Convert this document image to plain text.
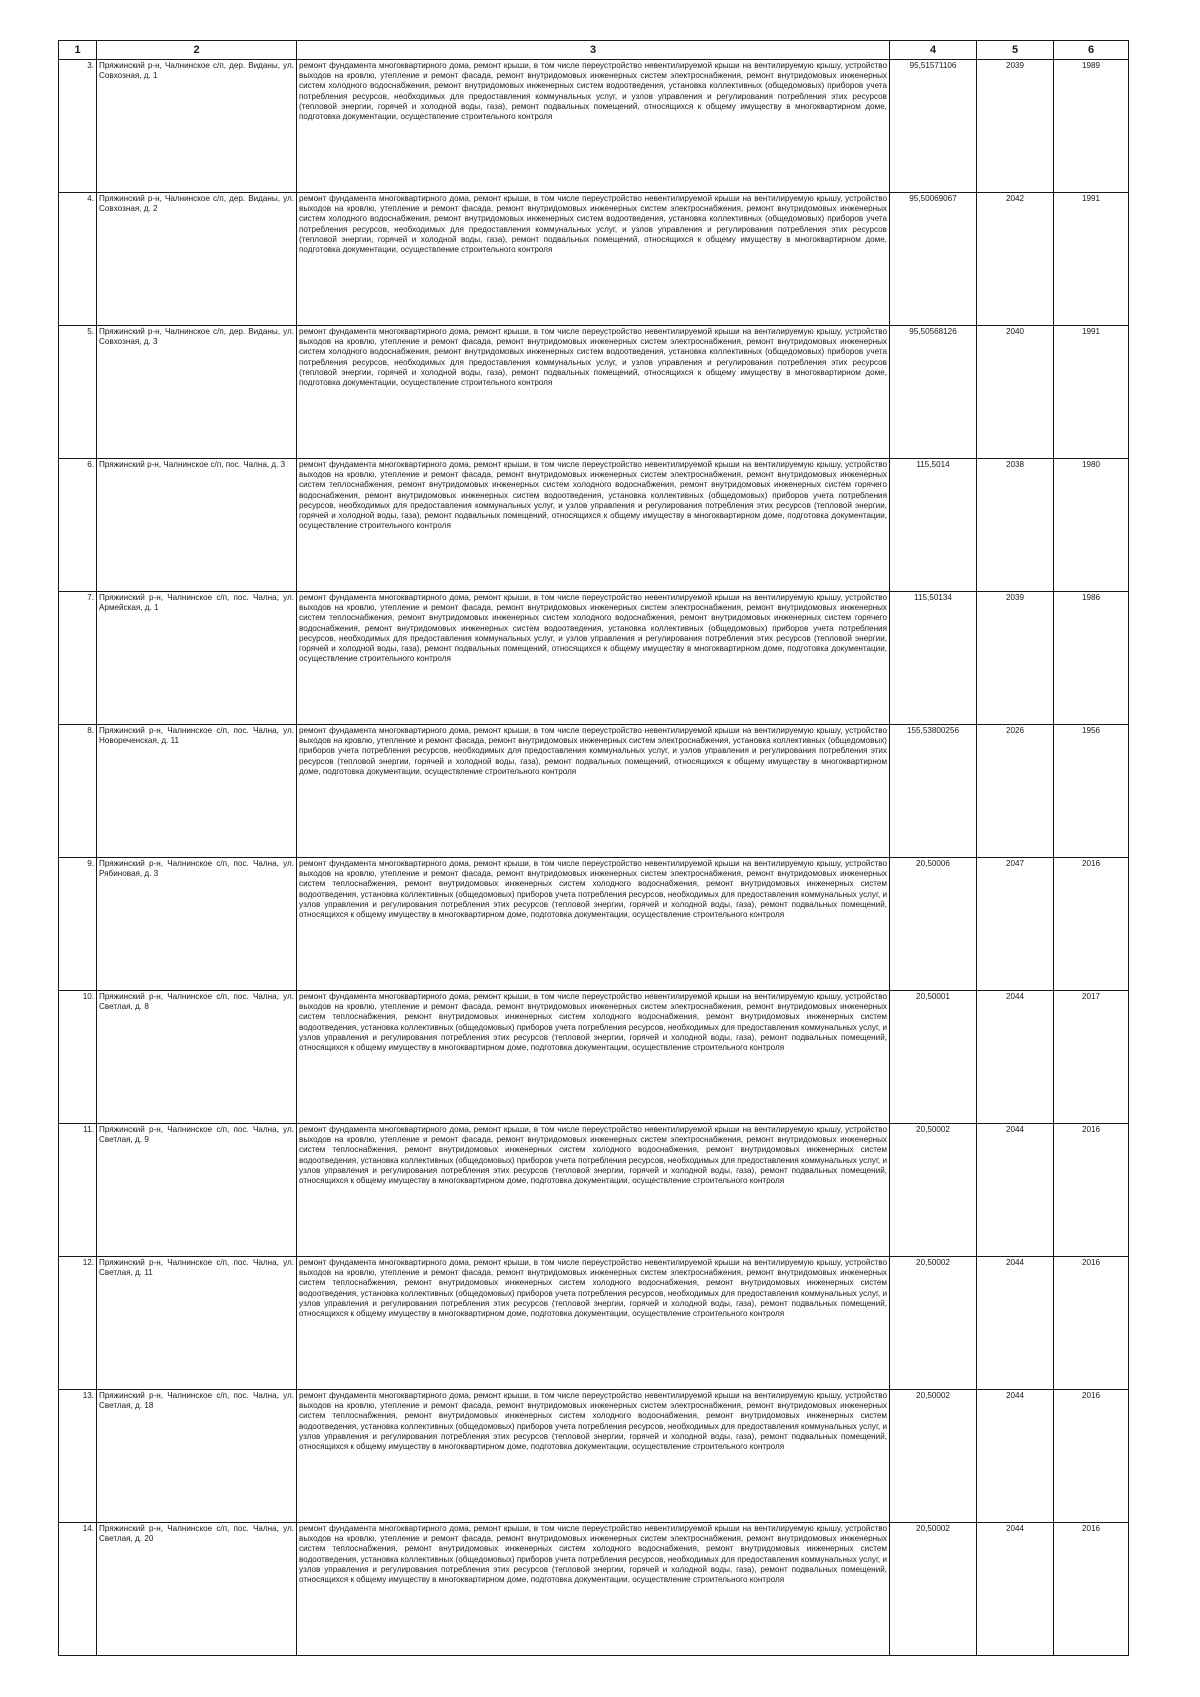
1	2	3	4	5	6
3.	Пряжинский р-н, Чалнинское с/п, дер. Виданы, ул. Совхозная, д. 1	ремонт фундамента многоквартирного дома, ремонт крыши, в том числе переустройство невентилируемой крыши на вентилируемую крышу, устройство выходов на кровлю, утепление и ремонт фасада, ремонт внутридомовых инженерных систем электроснабжения, ремонт внутридомовых инженерных систем холодного водоснабжения, ремонт внутридомовых инженерных систем водоотведения, установка коллективных (общедомовых) приборов учета потребления ресурсов, необходимых для предоставления коммунальных услуг, и узлов управления и регулирования потребления этих ресурсов (тепловой энергии, горячей и холодной воды, газа), ремонт подвальных помещений, относящихся к общему имуществу в многоквартирном доме, подготовка документации, осуществление строительного контроля	95,51571106	2039	1989
4.	Пряжинский р-н, Чалнинское с/п, дер. Виданы, ул. Совхозная, д. 2	ремонт фундамента многоквартирного дома, ремонт крыши, в том числе переустройство невентилируемой крыши на вентилируемую крышу, устройство выходов на кровлю, утепление и ремонт фасада, ремонт внутридомовых инженерных систем электроснабжения, ремонт внутридомовых инженерных систем холодного водоснабжения, ремонт внутридомовых инженерных систем водоотведения, установка коллективных (общедомовых) приборов учета потребления ресурсов, необходимых для предоставления коммунальных услуг, и узлов управления и регулирования потребления этих ресурсов (тепловой энергии, горячей и холодной воды, газа), ремонт подвальных помещений, относящихся к общему имуществу в многоквартирном доме, подготовка документации, осуществление строительного контроля	95,50069067	2042	1991
5.	Пряжинский р-н, Чалнинское с/п, дер. Виданы, ул. Совхозная, д. 3	ремонт фундамента многоквартирного дома, ремонт крыши, в том числе переустройство невентилируемой крыши на вентилируемую крышу, устройство выходов на кровлю, утепление и ремонт фасада, ремонт внутридомовых инженерных систем электроснабжения, ремонт внутридомовых инженерных систем холодного водоснабжения, ремонт внутридомовых инженерных систем водоотведения, установка коллективных (общедомовых) приборов учета потребления ресурсов, необходимых для предоставления коммунальных услуг, и узлов управления и регулирования потребления этих ресурсов (тепловой энергии, горячей и холодной воды, газа), ремонт подвальных помещений, относящихся к общему имуществу в многоквартирном доме, подготовка документации, осуществление строительного контроля	95,50568126	2040	1991
6.	Пряжинский р-н, Чалнинское с/п, пос. Чална, д. 3	ремонт фундамента многоквартирного дома, ремонт крыши, в том числе переустройство невентилируемой крыши на вентилируемую крышу, устройство выходов на кровлю, утепление и ремонт фасада, ремонт внутридомовых инженерных систем электроснабжения, ремонт внутридомовых инженерных систем теплоснабжения, ремонт внутридомовых инженерных систем холодного водоснабжения, ремонт внутридомовых инженерных систем горячего водоснабжения, ремонт внутридомовых инженерных систем водоотведения, установка коллективных (общедомовых) приборов учета потребления ресурсов, необходимых для предоставления коммунальных услуг, и узлов управления и регулирования потребления этих ресурсов (тепловой энергии, горячей и холодной воды, газа), ремонт подвальных помещений, относящихся к общему имуществу в многоквартирном доме, подготовка документации, осуществление строительного контроля	115,5014	2038	1980
7.	Пряжинский р-н, Чалнинское с/п, пос. Чална, ул. Армейская, д. 1	ремонт фундамента многоквартирного дома, ремонт крыши, в том числе переустройство невентилируемой крыши на вентилируемую крышу, устройство выходов на кровлю, утепление и ремонт фасада, ремонт внутридомовых инженерных систем электроснабжения, ремонт внутридомовых инженерных систем теплоснабжения, ремонт внутридомовых инженерных систем холодного водоснабжения, ремонт внутридомовых инженерных систем горячего водоснабжения, ремонт внутридомовых инженерных систем водоотведения, установка коллективных (общедомовых) приборов учета потребления ресурсов, необходимых для предоставления коммунальных услуг, и узлов управления и регулирования потребления этих ресурсов (тепловой энергии, горячей и холодной воды, газа), ремонт подвальных помещений, относящихся к общему имуществу в многоквартирном доме, подготовка документации, осуществление строительного контроля	115,50134	2039	1986
8.	Пряжинский р-н, Чалнинское с/п, пос. Чална, ул. Новореченская, д. 11	ремонт фундамента многоквартирного дома, ремонт крыши, в том числе переустройство невентилируемой крыши на вентилируемую крышу, устройство выходов на кровлю, утепление и ремонт фасада, ремонт внутридомовых инженерных систем электроснабжения, установка коллективных (общедомовых) приборов учета потребления ресурсов, необходимых для предоставления коммунальных услуг, и узлов управления и регулирования потребления этих ресурсов (тепловой энергии, горячей и холодной воды, газа), ремонт подвальных помещений, относящихся к общему имуществу в многоквартирном доме, подготовка документации, осуществление строительного контроля	155,53800256	2026	1956
9.	Пряжинский р-н, Чалнинское с/п, пос. Чална, ул. Рябиновая, д. 3	ремонт фундамента многоквартирного дома, ремонт крыши, в том числе переустройство невентилируемой крыши на вентилируемую крышу, устройство выходов на кровлю, утепление и ремонт фасада, ремонт внутридомовых инженерных систем электроснабжения, ремонт внутридомовых инженерных систем теплоснабжения, ремонт внутридомовых инженерных систем холодного водоснабжения, ремонт внутридомовых инженерных систем водоотведения, установка коллективных (общедомовых) приборов учета потребления ресурсов, необходимых для предоставления коммунальных услуг, и узлов управления и регулирования потребления этих ресурсов (тепловой энергии, горячей и холодной воды, газа), ремонт подвальных помещений, относящихся к общему имуществу в многоквартирном доме, подготовка документации, осуществление строительного контроля	20,50006	2047	2016
10.	Пряжинский р-н, Чалнинское с/п, пос. Чална, ул. Светлая, д. 8	ремонт фундамента многоквартирного дома, ремонт крыши, в том числе переустройство невентилируемой крыши на вентилируемую крышу, устройство выходов на кровлю, утепление и ремонт фасада, ремонт внутридомовых инженерных систем электроснабжения, ремонт внутридомовых инженерных систем теплоснабжения, ремонт внутридомовых инженерных систем холодного водоснабжения, ремонт внутридомовых инженерных систем водоотведения, установка коллективных (общедомовых) приборов учета потребления ресурсов, необходимых для предоставления коммунальных услуг, и узлов управления и регулирования потребления этих ресурсов (тепловой энергии, горячей и холодной воды, газа), ремонт подвальных помещений, относящихся к общему имуществу в многоквартирном доме, подготовка документации, осуществление строительного контроля	20,50001	2044	2017
11.	Пряжинский р-н, Чалнинское с/п, пос. Чална, ул. Светлая, д. 9	ремонт фундамента многоквартирного дома, ремонт крыши, в том числе переустройство невентилируемой крыши на вентилируемую крышу, устройство выходов на кровлю, утепление и ремонт фасада, ремонт внутридомовых инженерных систем электроснабжения, ремонт внутридомовых инженерных систем теплоснабжения, ремонт внутридомовых инженерных систем холодного водоснабжения, ремонт внутридомовых инженерных систем водоотведения, установка коллективных (общедомовых) приборов учета потребления ресурсов, необходимых для предоставления коммунальных услуг, и узлов управления и регулирования потребления этих ресурсов (тепловой энергии, горячей и холодной воды, газа), ремонт подвальных помещений, относящихся к общему имуществу в многоквартирном доме, подготовка документации, осуществление строительного контроля	20,50002	2044	2016
12.	Пряжинский р-н, Чалнинское с/п, пос. Чална, ул. Светлая, д. 11	ремонт фундамента многоквартирного дома, ремонт крыши, в том числе переустройство невентилируемой крыши на вентилируемую крышу, устройство выходов на кровлю, утепление и ремонт фасада, ремонт внутридомовых инженерных систем электроснабжения, ремонт внутридомовых инженерных систем теплоснабжения, ремонт внутридомовых инженерных систем холодного водоснабжения, ремонт внутридомовых инженерных систем водоотведения, установка коллективных (общедомовых) приборов учета потребления ресурсов, необходимых для предоставления коммунальных услуг, и узлов управления и регулирования потребления этих ресурсов (тепловой энергии, горячей и холодной воды, газа), ремонт подвальных помещений, относящихся к общему имуществу в многоквартирном доме, подготовка документации, осуществление строительного контроля	20,50002	2044	2016
13.	Пряжинский р-н, Чалнинское с/п, пос. Чална, ул. Светлая, д. 18	ремонт фундамента многоквартирного дома, ремонт крыши, в том числе переустройство невентилируемой крыши на вентилируемую крышу, устройство выходов на кровлю, утепление и ремонт фасада, ремонт внутридомовых инженерных систем электроснабжения, ремонт внутридомовых инженерных систем теплоснабжения, ремонт внутридомовых инженерных систем холодного водоснабжения, ремонт внутридомовых инженерных систем водоотведения, установка коллективных (общедомовых) приборов учета потребления ресурсов, необходимых для предоставления коммунальных услуг, и узлов управления и регулирования потребления этих ресурсов (тепловой энергии, горячей и холодной воды, газа), ремонт подвальных помещений, относящихся к общему имуществу в многоквартирном доме, подготовка документации, осуществление строительного контроля	20,50002	2044	2016
14.	Пряжинский р-н, Чалнинское с/п, пос. Чална, ул. Светлая, д. 20	ремонт фундамента многоквартирного дома, ремонт крыши, в том числе переустройство невентилируемой крыши на вентилируемую крышу, устройство выходов на кровлю, утепление и ремонт фасада, ремонт внутридомовых инженерных систем электроснабжения, ремонт внутридомовых инженерных систем теплоснабжения, ремонт внутридомовых инженерных систем холодного водоснабжения, ремонт внутридомовых инженерных систем водоотведения, установка коллективных (общедомовых) приборов учета потребления ресурсов, необходимых для предоставления коммунальных услуг, и узлов управления и регулирования потребления этих ресурсов (тепловой энергии, горячей и холодной воды, газа), ремонт подвальных помещений, относящихся к общему имуществу в многоквартирном доме, подготовка документации, осуществление строительного контроля	20,50002	2044	2016
